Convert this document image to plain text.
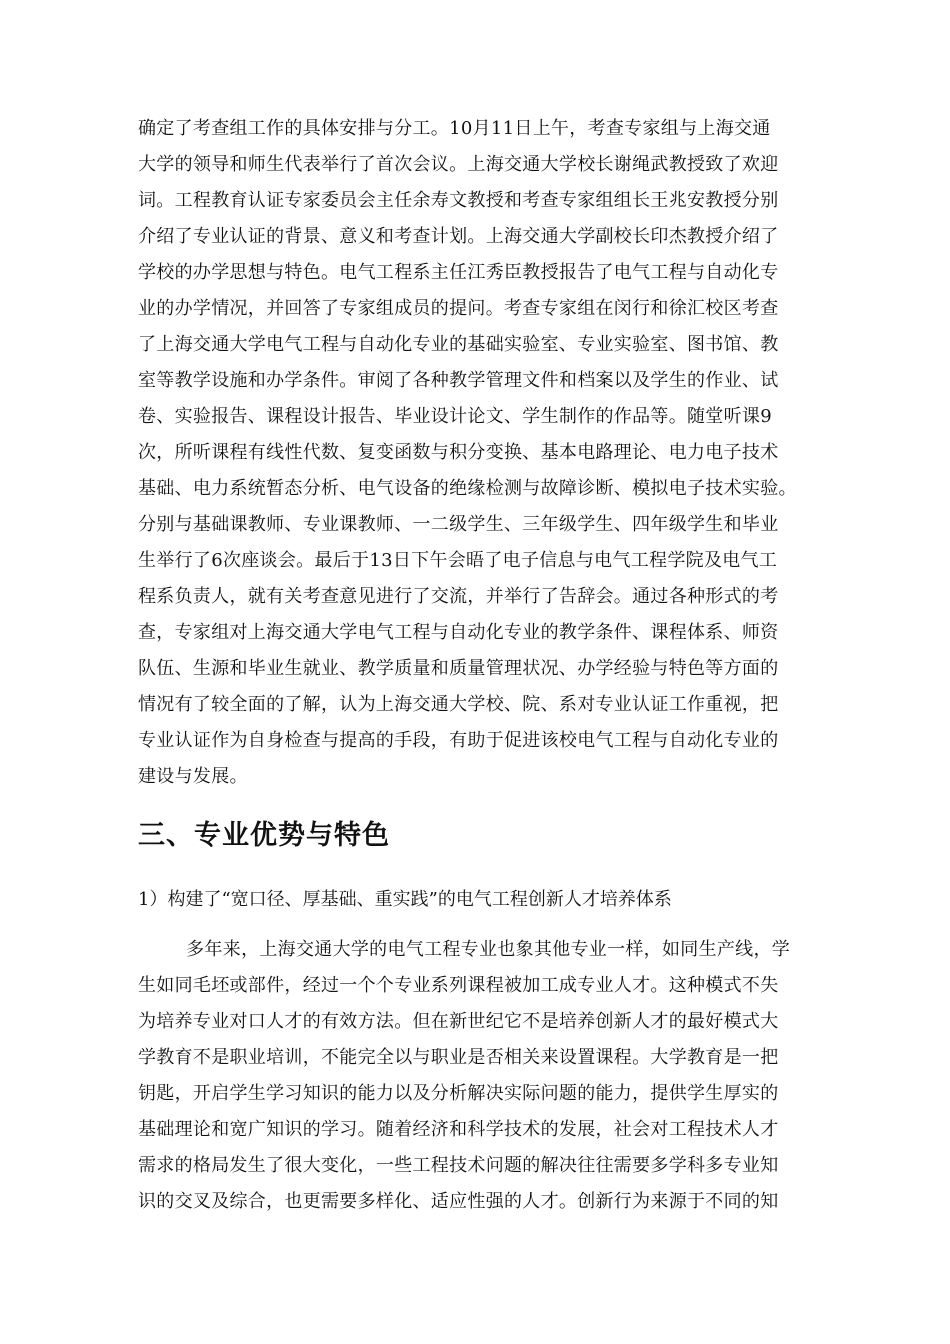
确定了考查组工作的具体安排与分工。10月11日上午，考查专家组与上海交通
大学的领导和师生代表举行了首次会议。上海交通大学校长谢绳武教授致了欢迎
词。工程教育认证专家委员会主任余寿文教授和考查专家组组长王兆安教授分别
介绍了专业认证的背景、意义和考查计划。上海交通大学副校长印杰教授介绍了
学校的办学思想与特色。电气工程系主任江秀臣教授报告了电气工程与自动化专
业的办学情况，并回答了专家组成员的提问。考查专家组在闵行和徐汇校区考查
了上海交通大学电气工程与自动化专业的基础实验室、专业实验室、图书馆、教
室等教学设施和办学条件。审阅了各种教学管理文件和档案以及学生的作业、试
卷、实验报告、课程设计报告、毕业设计论文、学生制作的作品等。随堂听课9
次，所听课程有线性代数、复变函数与积分变换、基本电路理论、电力电子技术
基础、电力系统暂态分析、电气设备的绝缘检测与故障诊断、模拟电子技术实验。
分别与基础课教师、专业课教师、一二级学生、三年级学生、四年级学生和毕业
生举行了6次座谈会。最后于13日下午会晤了电子信息与电气工程学院及电气工
程系负责人，就有关考查意见进行了交流，并举行了告辞会。通过各种形式的考
查，专家组对上海交通大学电气工程与自动化专业的教学条件、课程体系、师资
队伍、生源和毕业生就业、教学质量和质量管理状况、办学经验与特色等方面的
情况有了较全面的了解，认为上海交通大学校、院、系对专业认证工作重视，把
专业认证作为自身检查与提高的手段，有助于促进该校电气工程与自动化专业的
建设与发展。
三、专业优势与特色
1）构建了“宽口径、厚基础、重实践”的电气工程创新人才培养体系
多年来，上海交通大学的电气工程专业也象其他专业一样，如同生产线，学
生如同毛坯或部件，经过一个个专业系列课程被加工成专业人才。这种模式不失
为培养专业对口人才的有效方法。但在新世纪它不是培养创新人才的最好模式大
学教育不是职业培训，不能完全以与职业是否相关来设置课程。大学教育是一把
钥匙，开启学生学习知识的能力以及分析解决实际问题的能力，提供学生厚实的
基础理论和宽广知识的学习。随着经济和科学技术的发展，社会对工程技术人才
需求的格局发生了很大变化，一些工程技术问题的解决往往需要多学科多专业知
识的交叉及综合，也更需要多样化、适应性强的人才。创新行为来源于不同的知
